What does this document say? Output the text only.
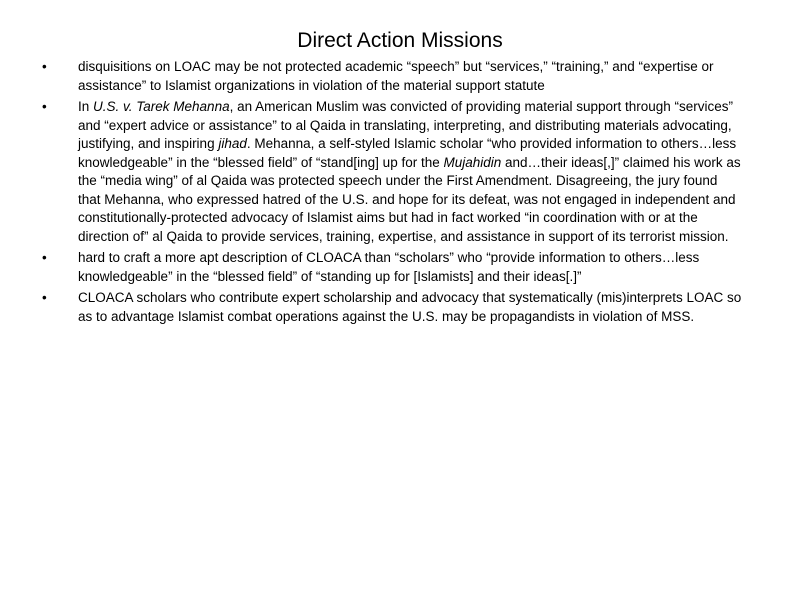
Direct Action Missions
•	disquisitions on LOAC may be not protected academic “speech” but “services,” “training,” and “expertise or assistance” to Islamist organizations in violation of the material support statute
•	In U.S. v. Tarek Mehanna, an American Muslim was convicted of providing material support through “services” and “expert advice or assistance” to al Qaida in translating, interpreting, and distributing materials advocating, justifying, and inspiring jihad. Mehanna, a self-styled Islamic scholar “who provided information to others…less knowledgeable” in the “blessed field” of “stand[ing] up for the Mujahidin and…their ideas[,]” claimed his work as the “media wing” of al Qaida was protected speech under the First Amendment. Disagreeing, the jury found that Mehanna, who expressed hatred of the U.S. and hope for its defeat, was not engaged in independent and constitutionally-protected advocacy of Islamist aims but had in fact worked “in coordination with or at the direction of” al Qaida to provide services, training, expertise, and assistance in support of its terrorist mission.
•	hard to craft a more apt description of CLOACA than “scholars” who “provide information to others…less knowledgeable” in the “blessed field” of “standing up for [Islamists] and their ideas[.]”
•	CLOACA scholars who contribute expert scholarship and advocacy that systematically (mis)interprets LOAC so as to advantage Islamist combat operations against the U.S. may be propagandists in violation of MSS.
